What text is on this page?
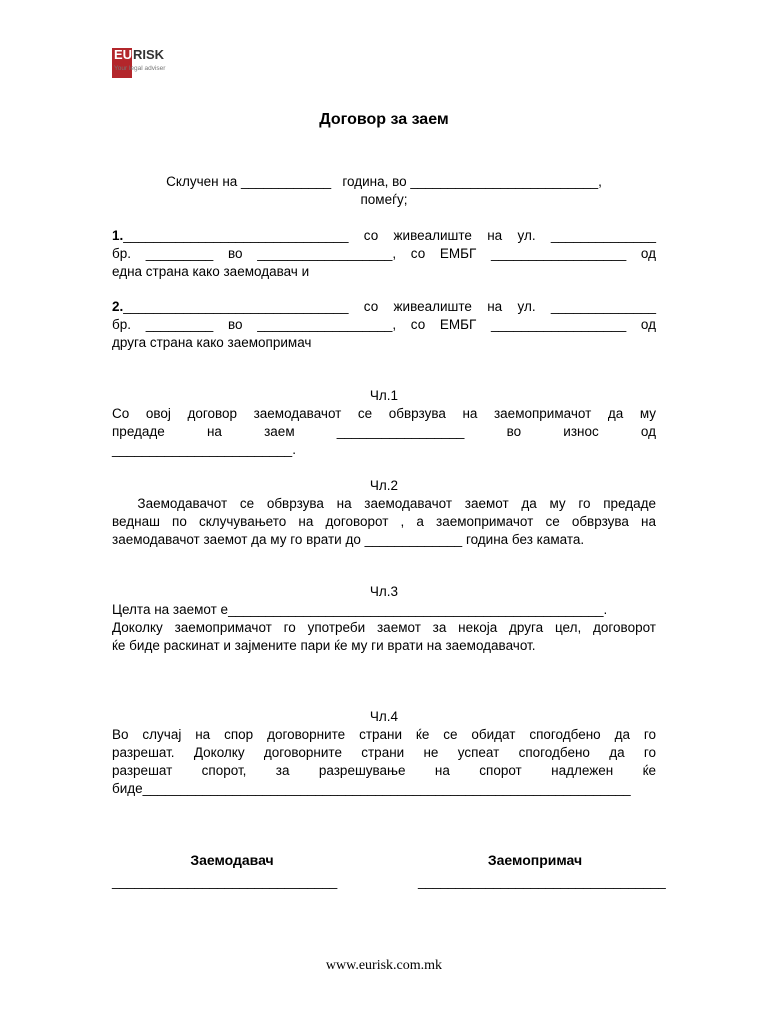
EU RISK
Your legal adviser
Договор за заем
Склучен на ____________   година, во _________________________,
помеѓу;
1.______________________________ со живеалиште на ул. ______________
бр. _________ во __________________, со ЕМБГ __________________ од
една страна како заемодавач и
2.______________________________ со живеалиште на ул. ______________
бр. _________ во __________________, со ЕМБГ __________________ од
друга страна како заемопримач
Чл.1
Со овој договор заемодавачот се обврзува на заемопримачот да му
предаде на заем _________________ во износ од
________________________.
Чл.2
Заемодавачот се обврзува на заемодавачот заемот да му го предаде
веднаш по склучувањето на договорот , а заемопримачот се обврзува на
заемодавачот заемот да му го врати до _____________ година без камата.
Чл.3
Целта на заемот е__________________________________________________.
Доколку заемопримачот го употреби заемот за некоја друга цел, договорот
ќе биде раскинат и зајмените пари ќе му ги врати на заемодавачот.
Чл.4
Во случај на спор договорните страни ќе се обидат спогодбено да го
разрешат. Доколку договорните страни не успеат спогодбено да го
разрешат спорот, за разрешување на спорот надлежен ќе
биде_________________________________________________________________
Заемодавач	Заемопримач
______________________________	_________________________________
www.eurisk.com.mk
